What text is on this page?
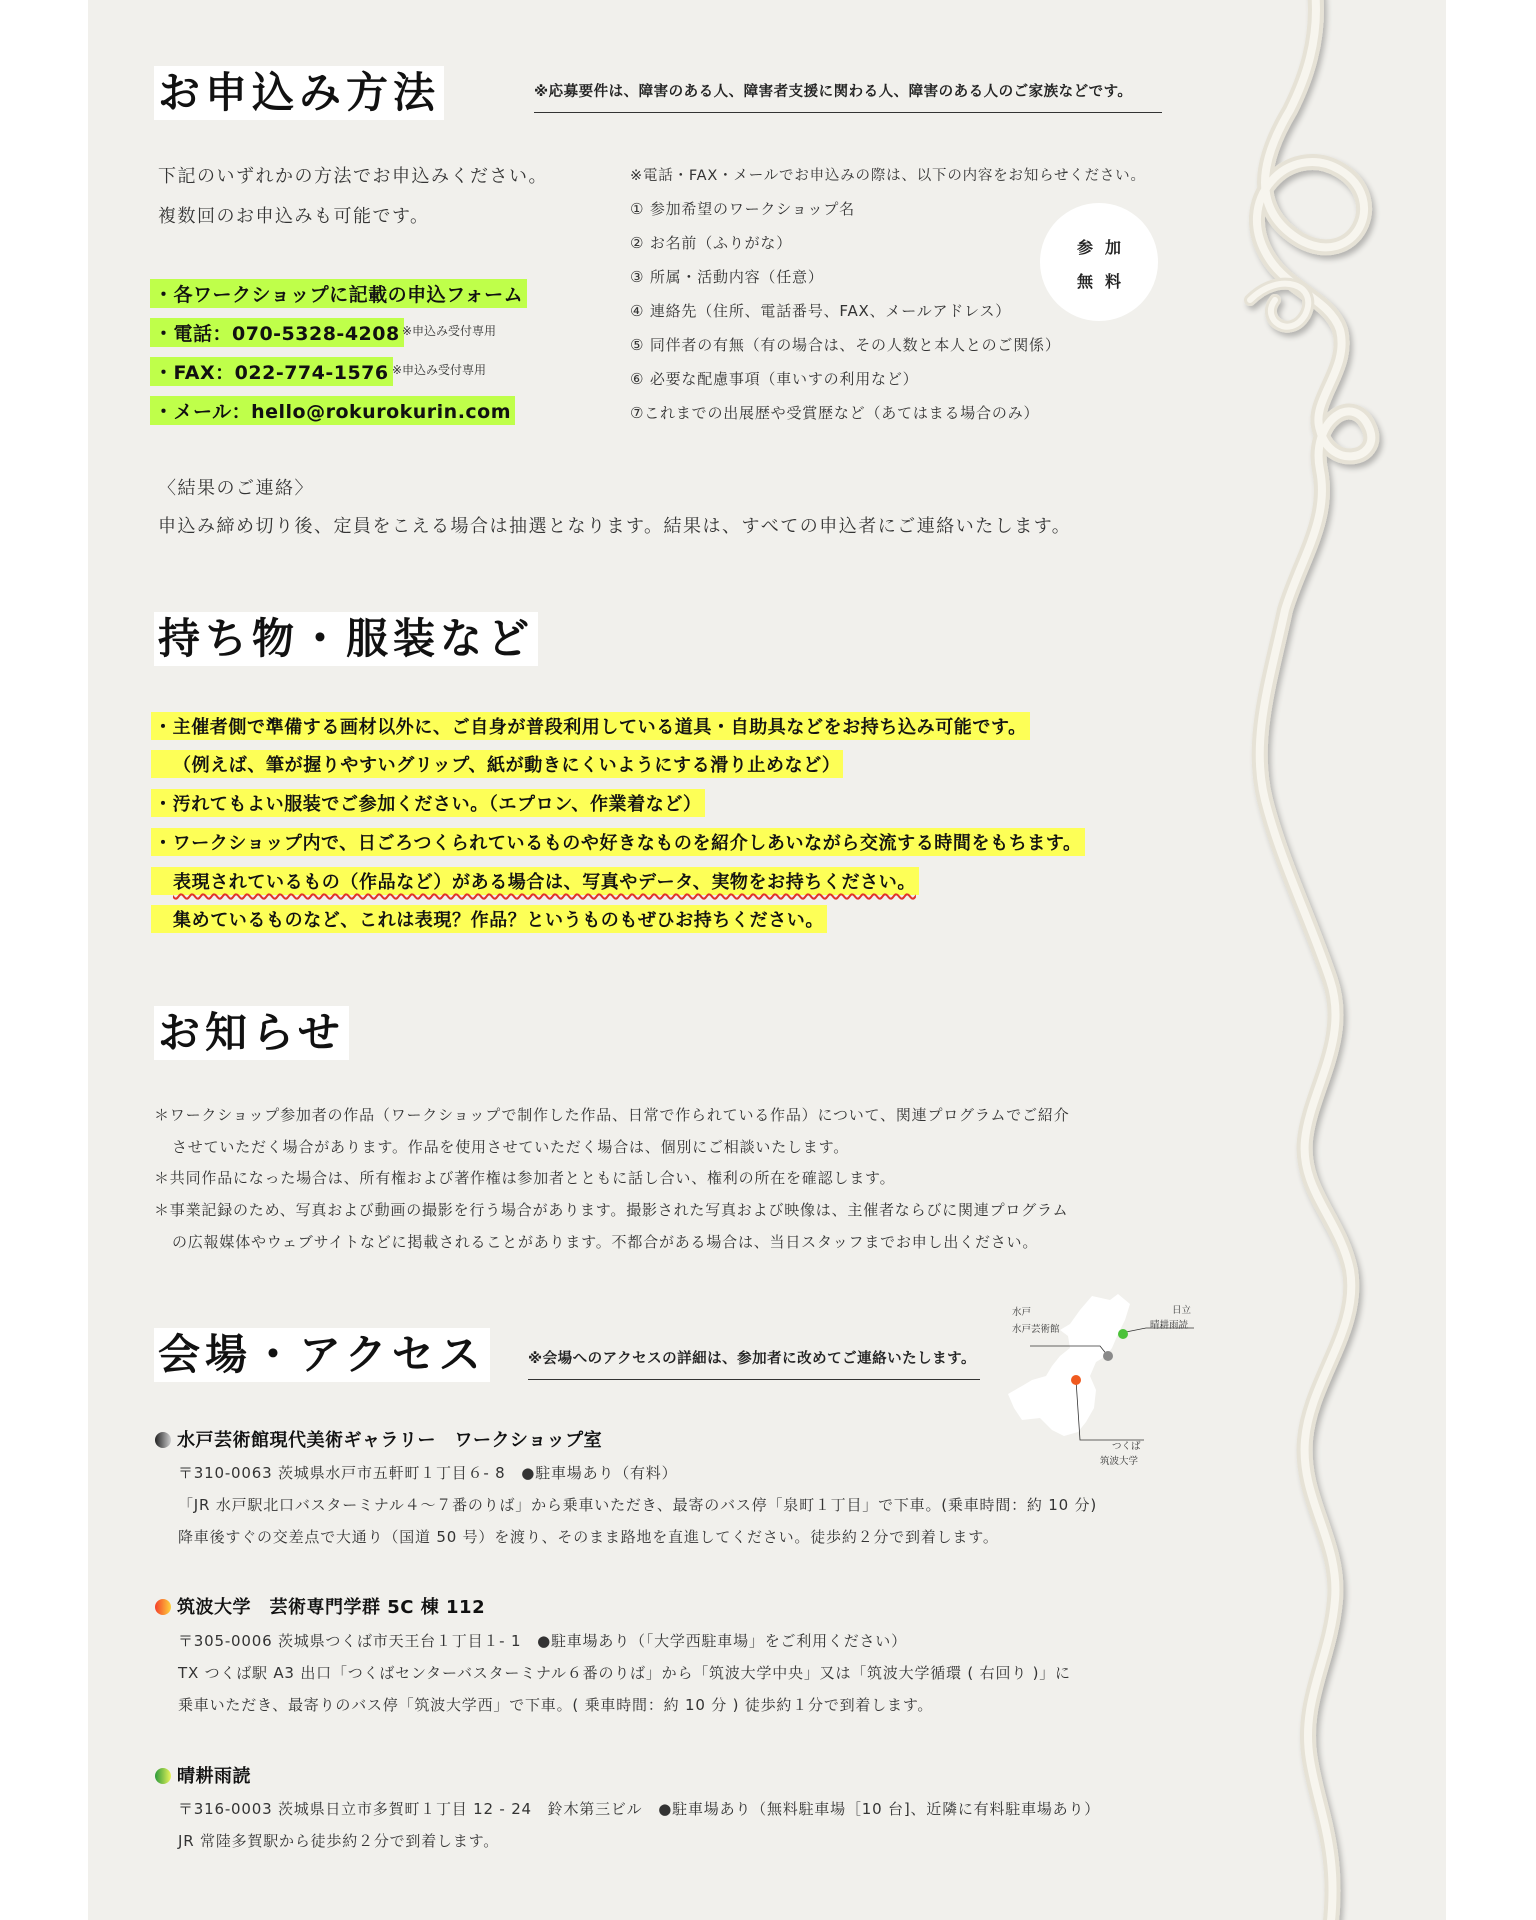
お申込み方法	※応募要件は、障害のある人、障害者支援に関わる人、障害のある人のご家族などです。
下記のいずれかの方法でお申込みください。
複数回のお申込みも可能です。
・各ワークショップに記載の申込フォーム
・電話：070-5328-4208 ※申込み受付専用
・FAX：022-774-1576 ※申込み受付専用
・メール：hello@rokurokurin.com
※電話・FAX・メールでお申込みの際は、以下の内容をお知らせください。
① 参加希望のワークショップ名
② お名前（ふりがな）
③ 所属・活動内容（任意）
④ 連絡先（住所、電話番号、FAX、メールアドレス）
⑤ 同伴者の有無（有の場合は、その人数と本人とのご関係）
⑥ 必要な配慮事項（車いすの利用など）
⑦これまでの出展歴や受賞歴など（あてはまる場合のみ）
参加
無料
〈結果のご連絡〉
申込み締め切り後、定員をこえる場合は抽選となります。結果は、すべての申込者にご連絡いたします。
持ち物・服装など
・主催者側で準備する画材以外に、ご自身が普段利用している道具・自助具などをお持ち込み可能です。
（例えば、筆が握りやすいグリップ、紙が動きにくいようにする滑り止めなど）
・汚れてもよい服装でご参加ください。（エプロン、作業着など）
・ワークショップ内で、日ごろつくられているものや好きなものを紹介しあいながら交流する時間をもちます。
表現されているもの（作品など）がある場合は、写真やデータ、実物をお持ちください。
集めているものなど、これは表現？作品？というものもぜひお持ちください。
お知らせ
＊ワークショップ参加者の作品（ワークショップで制作した作品、日常で作られている作品）について、関連プログラムでご紹介
させていただく場合があります。作品を使用させていただく場合は、個別にご相談いたします。
＊共同作品になった場合は、所有権および著作権は参加者とともに話し合い、権利の所在を確認します。
＊事業記録のため、写真および動画の撮影を行う場合があります。撮影された写真および映像は、主催者ならびに関連プログラム
の広報媒体やウェブサイトなどに掲載されることがあります。不都合がある場合は、当日スタッフまでお申し出ください。
会場・アクセス	※会場へのアクセスの詳細は、参加者に改めてご連絡いたします。
水戸
水戸芸術館
日立
晴耕雨読
つくば
筑波大学
水戸芸術館現代美術ギャラリー　ワークショップ室
〒310-0063 茨城県水戸市五軒町１丁目６- 8　●駐車場あり（有料）
「JR 水戸駅北口バスターミナル４～７番のりば」から乗車いただき、最寄のバス停「泉町１丁目」で下車。(乗車時間：約 10 分)
降車後すぐの交差点で大通り（国道 50 号）を渡り、そのまま路地を直進してください。徒歩約２分で到着します。
筑波大学　芸術専門学群 5C 棟 112
〒305-0006 茨城県つくば市天王台１丁目１- 1　●駐車場あり（「大学西駐車場」をご利用ください）
TX つくば駅 A3 出口「つくばセンターバスターミナル６番のりば」から「筑波大学中央」又は「筑波大学循環 ( 右回り )」に
乗車いただき、最寄りのバス停「筑波大学西」で下車。( 乗車時間：約 10 分 ) 徒歩約１分で到着します。
晴耕雨読
〒316-0003 茨城県日立市多賀町１丁目 12 - 24　鈴木第三ビル　●駐車場あり（無料駐車場［10 台]、近隣に有料駐車場あり）
JR 常陸多賀駅から徒歩約２分で到着します。
